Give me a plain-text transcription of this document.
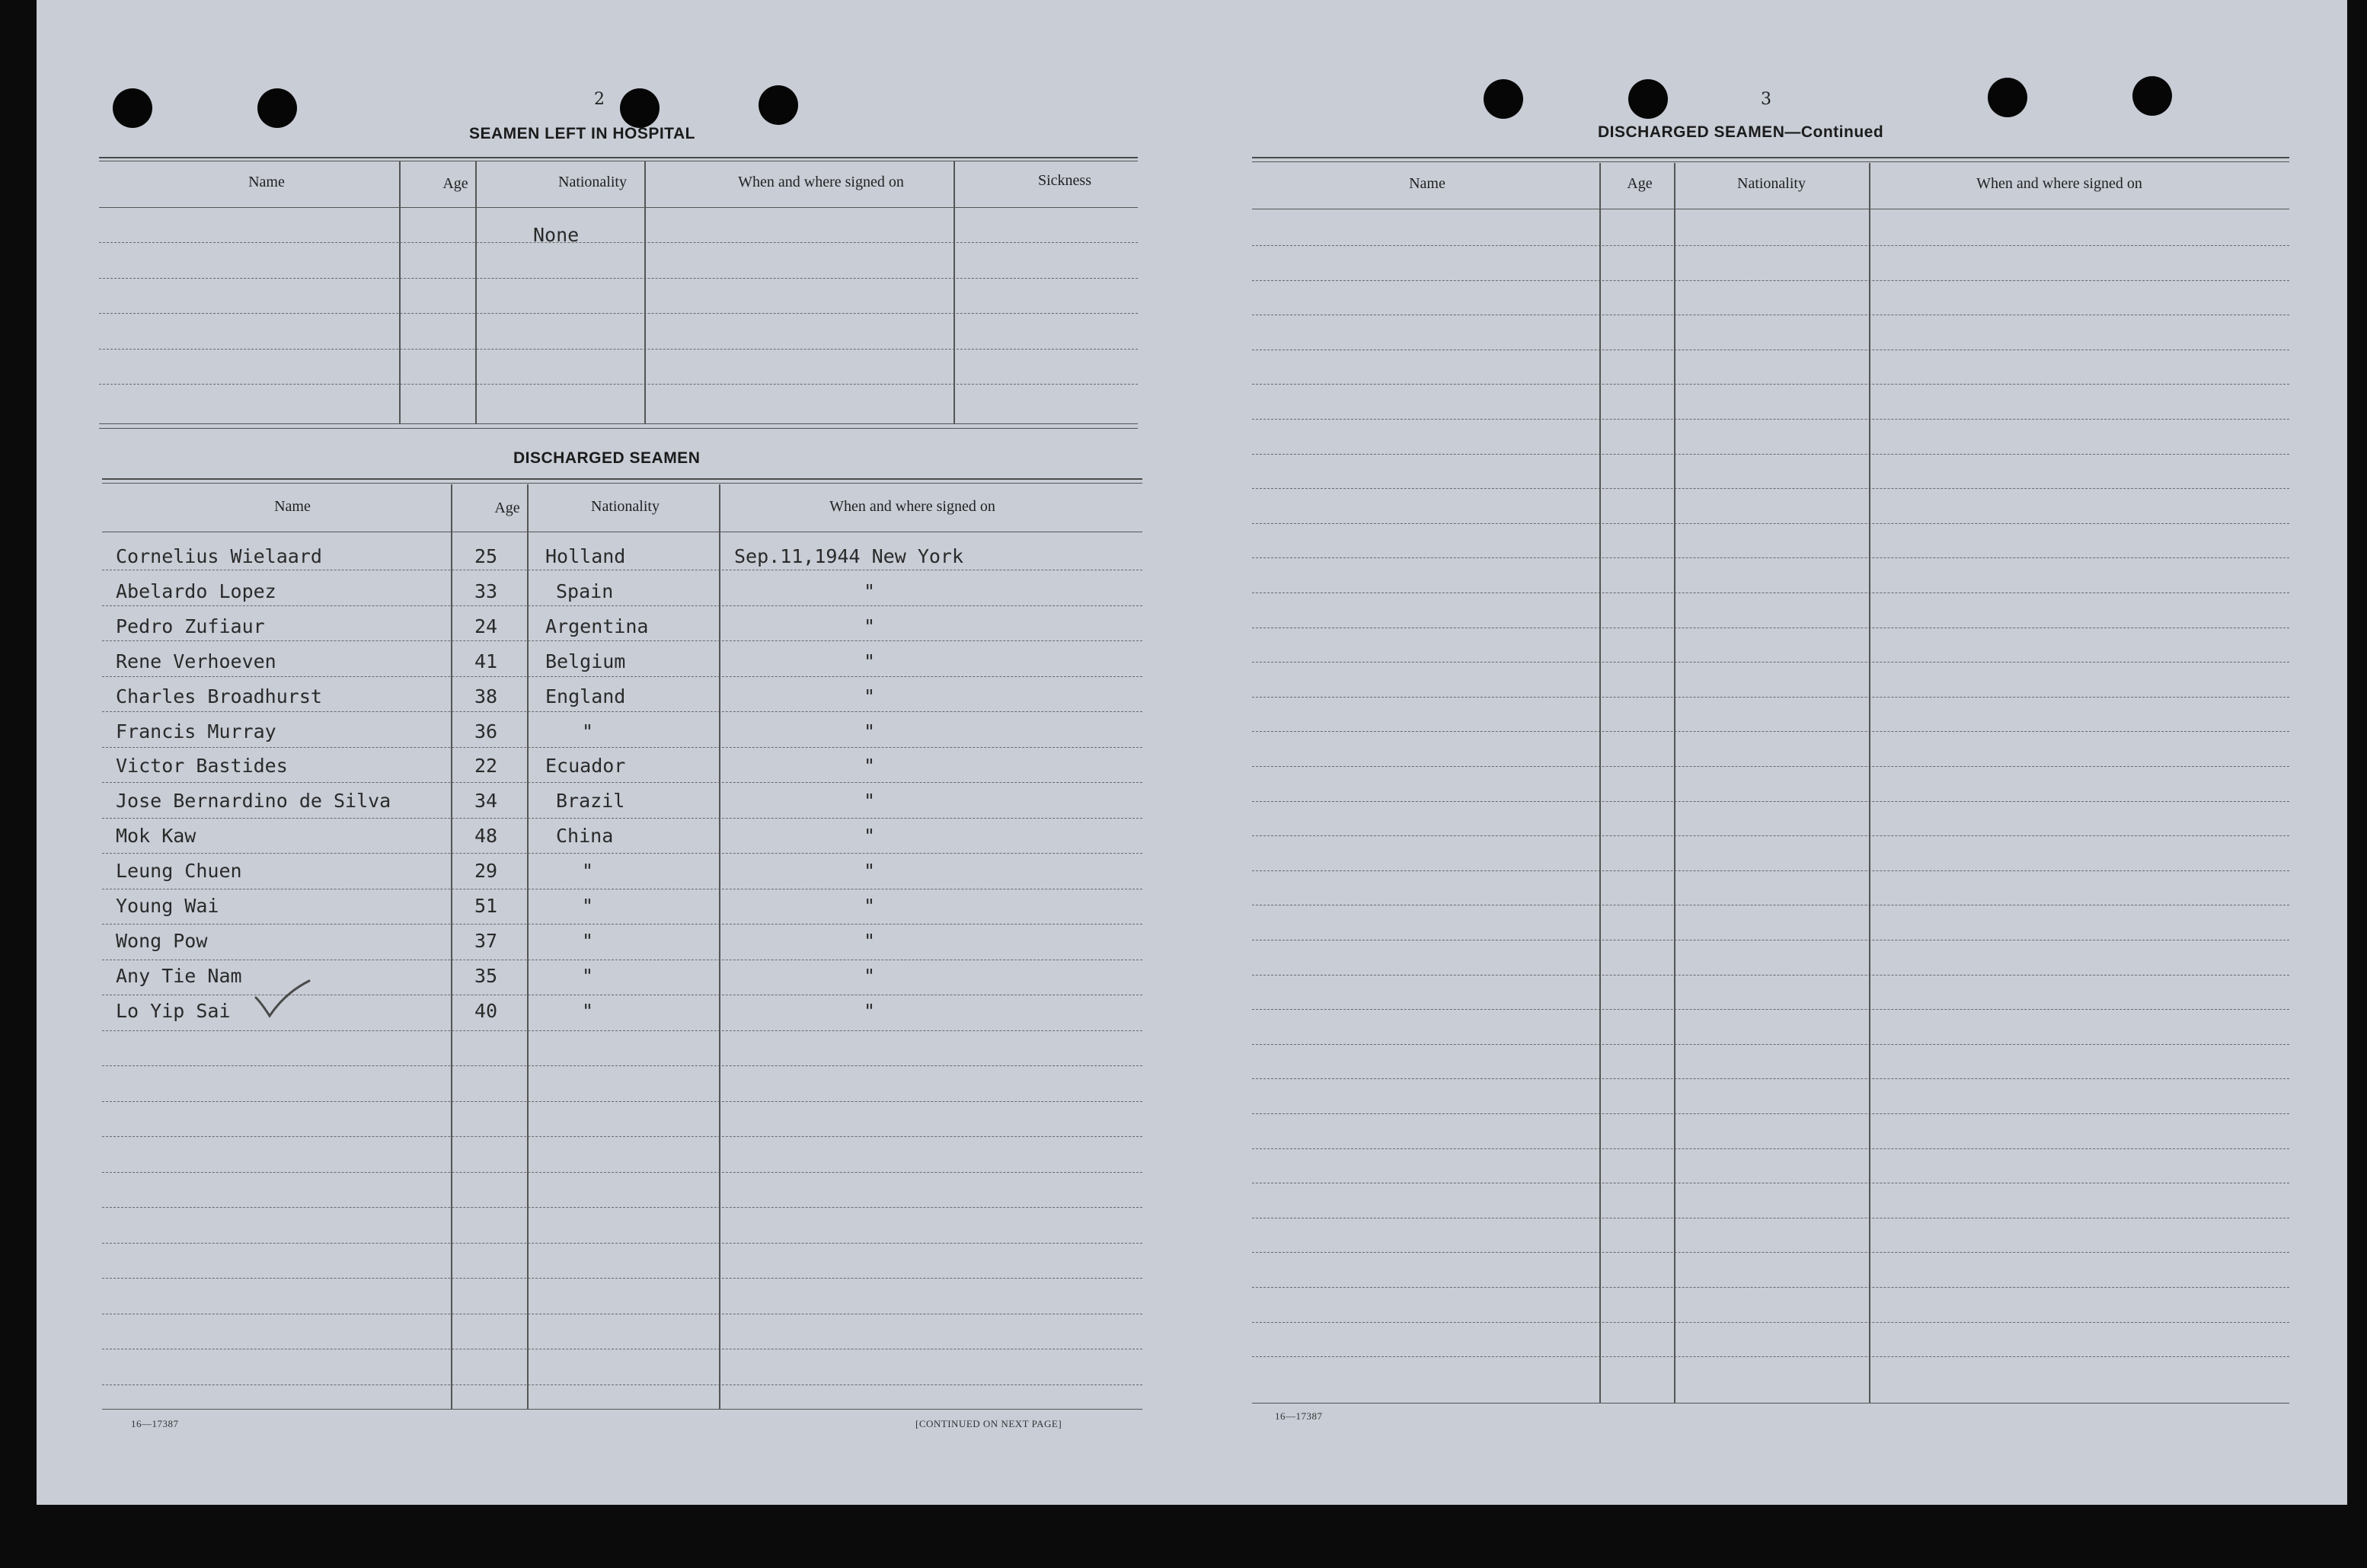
2
SEAMEN LEFT IN HOSPITAL
Name	Age	Nationality	When and where signed on	Sickness
None
DISCHARGED SEAMEN
Name	Age	Nationality	When and where signed on
Cornelius Wielaard	25	Holland	Sep.11,1944 New York
Abelardo Lopez	33	Spain	"
Pedro Zufiaur	24	Argentina	"
Rene Verhoeven	41	Belgium	"
Charles Broadhurst	38	England	"
Francis Murray	36	"	"
Victor Bastides	22	Ecuador	"
Jose Bernardino de Silva	34	Brazil	"
Mok Kaw	48	China	"
Leung Chuen	29	"	"
Young Wai	51	"	"
Wong Pow	37	"	"
Any Tie Nam	35	"	"
Lo Yip Sai	40	"	"
16—17387	[CONTINUED ON NEXT PAGE]
3
DISCHARGED SEAMEN—Continued
Name	Age	Nationality	When and where signed on
16—17387
